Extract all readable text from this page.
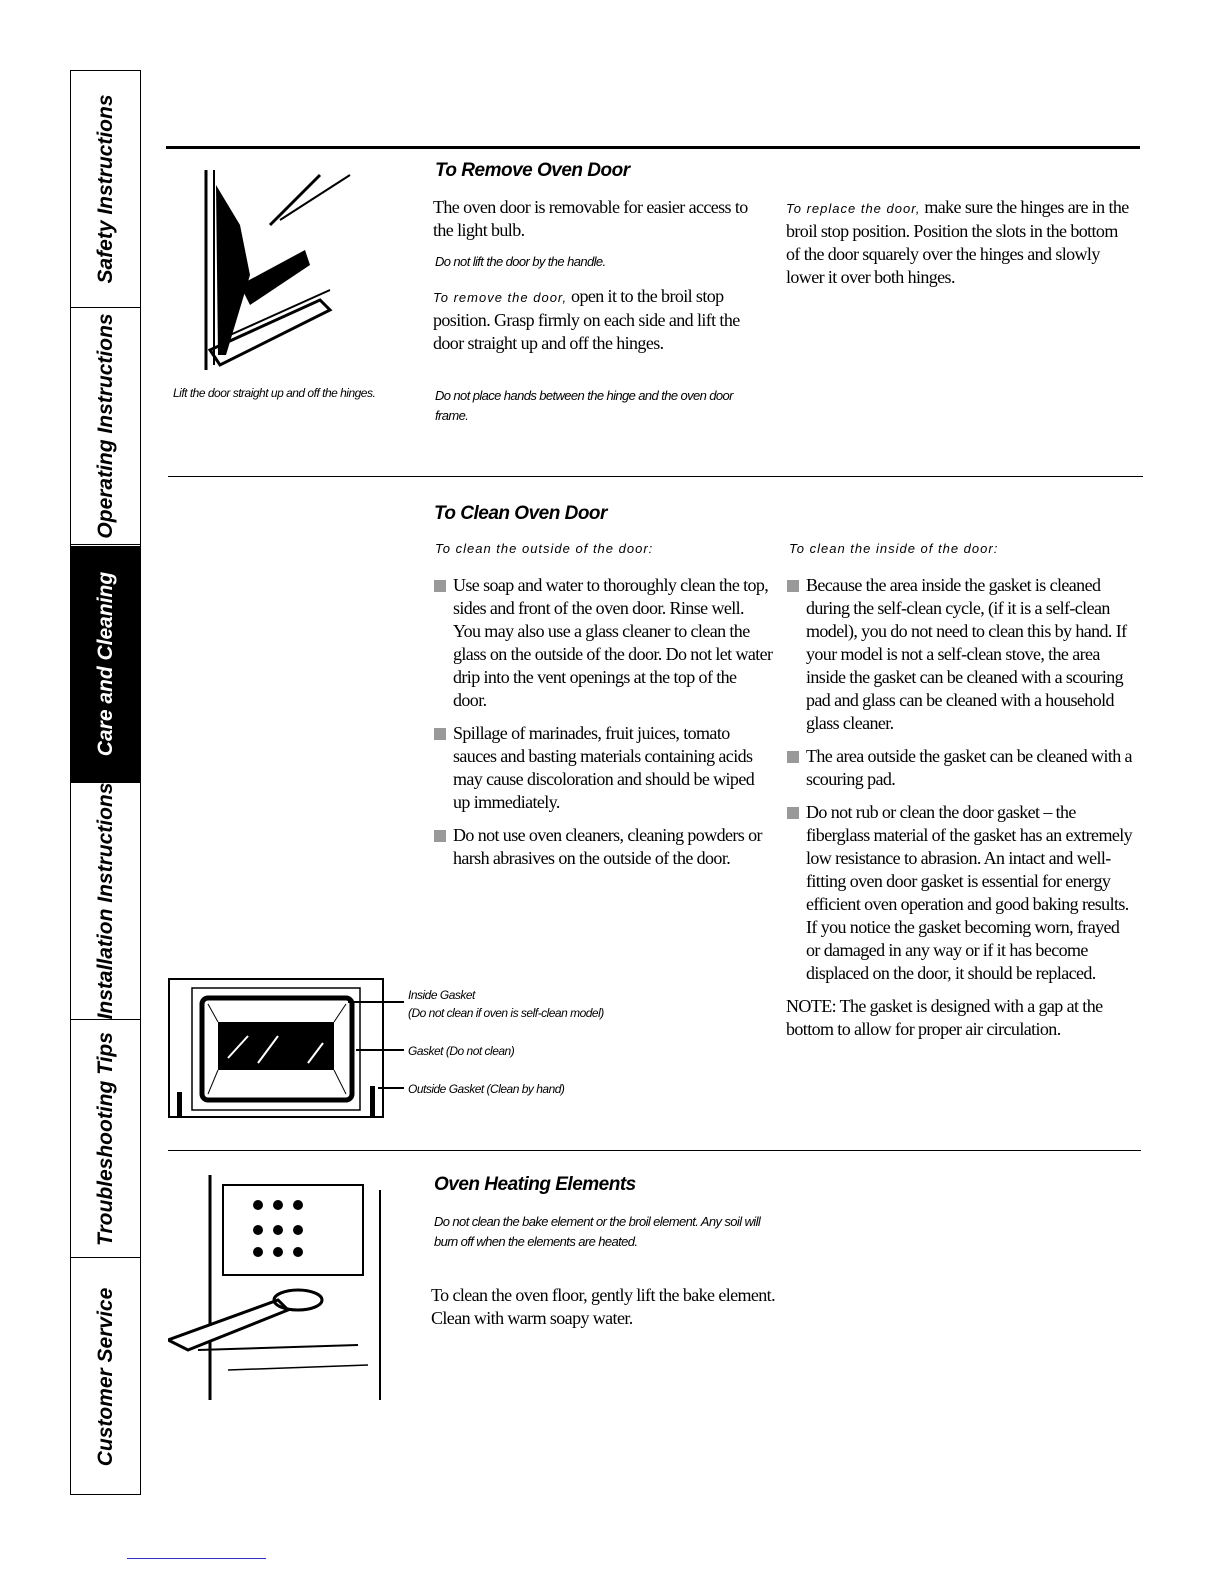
Safety Instructions
Operating Instructions
Care and Cleaning
Installation Instructions
Troubleshooting Tips
Customer Service
Lift the door straight up and off the hinges.
To Remove Oven Door
The oven door is removable for easier access to the light bulb.
Do not lift the door by the handle.
To remove the door, open it to the broil stop position. Grasp firmly on each side and lift the door straight up and off the hinges.
Do not place hands between the hinge and the oven door frame.
To replace the door, make sure the hinges are in the broil stop position. Position the slots in the bottom of the door squarely over the hinges and slowly lower it over both hinges.
To Clean Oven Door
To clean the outside of the door:
Use soap and water to thoroughly clean the top, sides and front of the oven door. Rinse well. You may also use a glass cleaner to clean the glass on the outside of the door. Do not let water drip into the vent openings at the top of the door.
Spillage of marinades, fruit juices, tomato sauces and basting materials containing acids may cause discoloration and should be wiped up immediately.
Do not use oven cleaners, cleaning powders or harsh abrasives on the outside of the door.
To clean the inside of the door:
Because the area inside the gasket is cleaned during the self-clean cycle, (if it is a self-clean model), you do not need to clean this by hand. If your model is not a self-clean stove, the area inside the gasket can be cleaned with a scouring pad and glass can be cleaned with a household glass cleaner.
The area outside the gasket can be cleaned with a scouring pad.
Do not rub or clean the door gasket – the fiberglass material of the gasket has an extremely low resistance to abrasion. An intact and well-fitting oven door gasket is essential for energy efficient oven operation and good baking results. If you notice the gasket becoming worn, frayed or damaged in any way or if it has become displaced on the door, it should be replaced.
NOTE: The gasket is designed with a gap at the bottom to allow for proper air circulation.
Inside Gasket
(Do not clean if oven is self-clean model)
Gasket (Do not clean)
Outside Gasket (Clean by hand)
Oven Heating Elements
Do not clean the bake element or the broil element. Any soil will burn off when the elements are heated.
To clean the oven floor, gently lift the bake element. Clean with warm soapy water.
